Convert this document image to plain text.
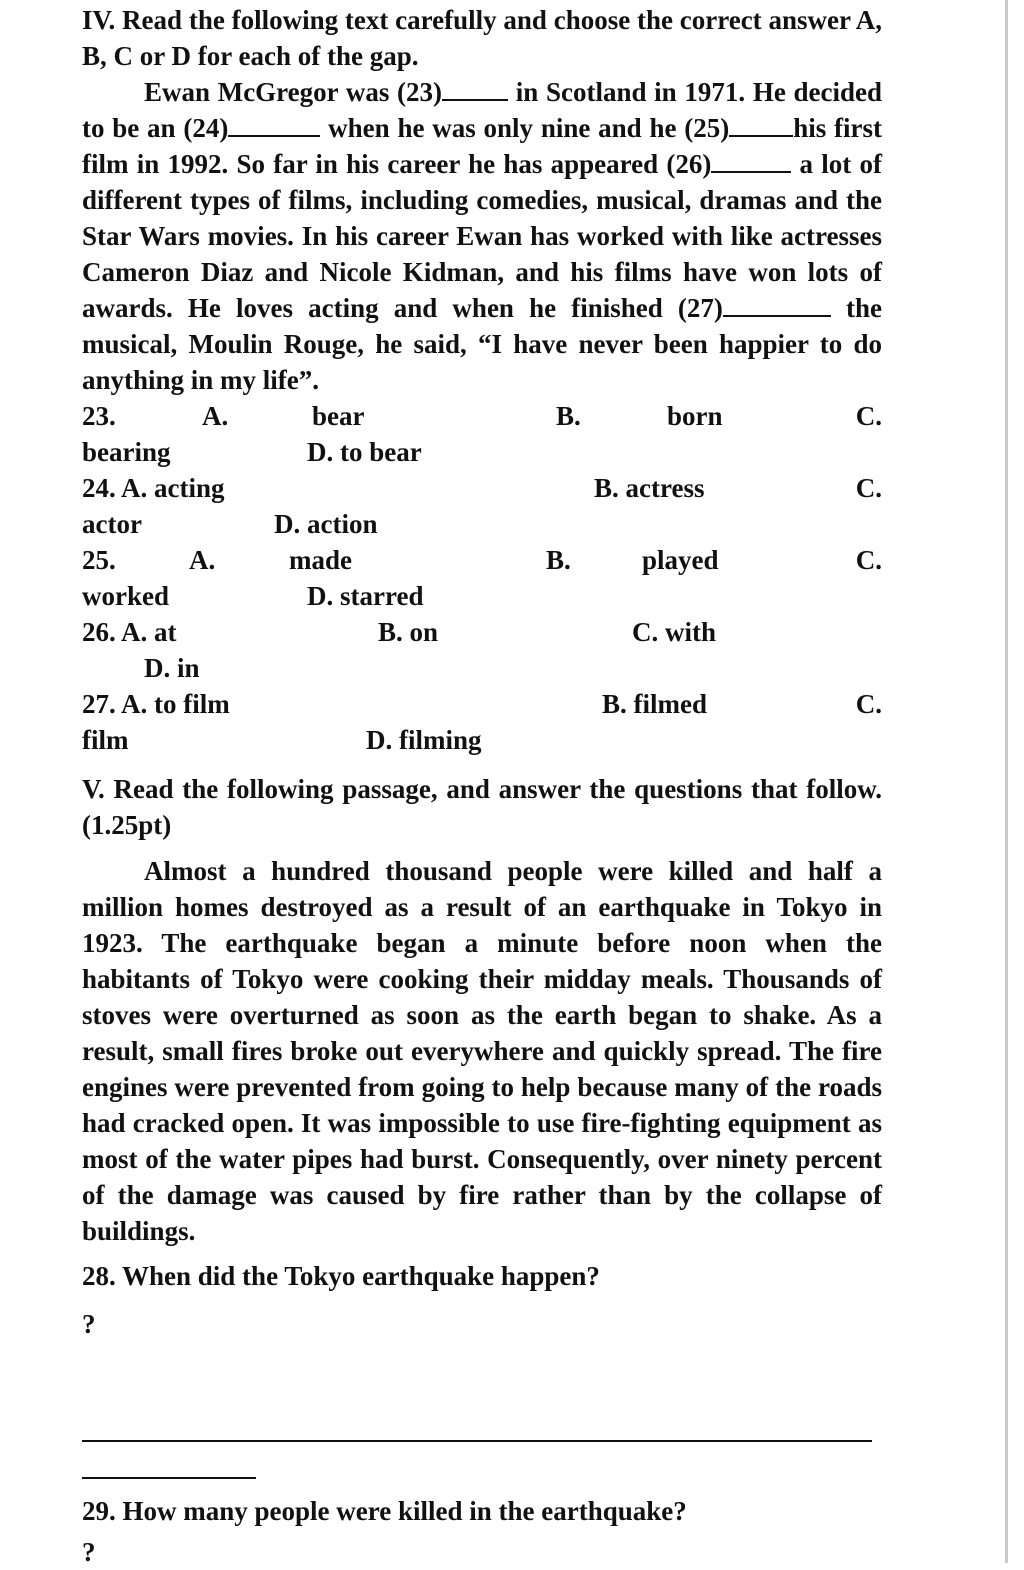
IV. Read the following text carefully and choose the correct answer A, B, C or D for each of the gap.

Ewan McGregor was (23) in Scotland in 1971. He decided to be an (24)	when he was only nine and he (25) his first film in 1992. So far in his career he has appeared (26)	a lot of different types of films, including comedies, musical, dramas and the Star Wars movies. In his career Ewan has worked with like actresses Cameron Diaz and Nicole Kidman, and his films have won lots of awards. He loves acting and when he finished (27)	the musical, Moulin Rouge, he said, “I have never been happier to do anything in my life”.

23.	A.	bear	B.	born	C.
bearing	D. to bear
24. A. acting	B. actress	C.
actor	D. action
25.	A.	made	B.	played	C.
worked	D. starred
26. A. at	B. on	C. with
D. in
27. A. to film	B. filmed	C.
film	D. filming

V. Read the following passage, and answer the questions that follow. (1.25pt)

Almost a hundred thousand people were killed and half a million homes destroyed as a result of an earthquake in Tokyo in 1923. The earthquake began a minute before noon when the habitants of Tokyo were cooking their midday meals. Thousands of stoves were overturned as soon as the earth began to shake. As a result, small fires broke out everywhere and quickly spread. The fire engines were prevented from going to help because many of the roads had cracked open. It was impossible to use fire-fighting equipment as most of the water pipes had burst. Consequently, over ninety percent of the damage was caused by fire rather than by the collapse of buildings.

28. When did the Tokyo earthquake happen?

?

29. How many people were killed in the earthquake?

?
